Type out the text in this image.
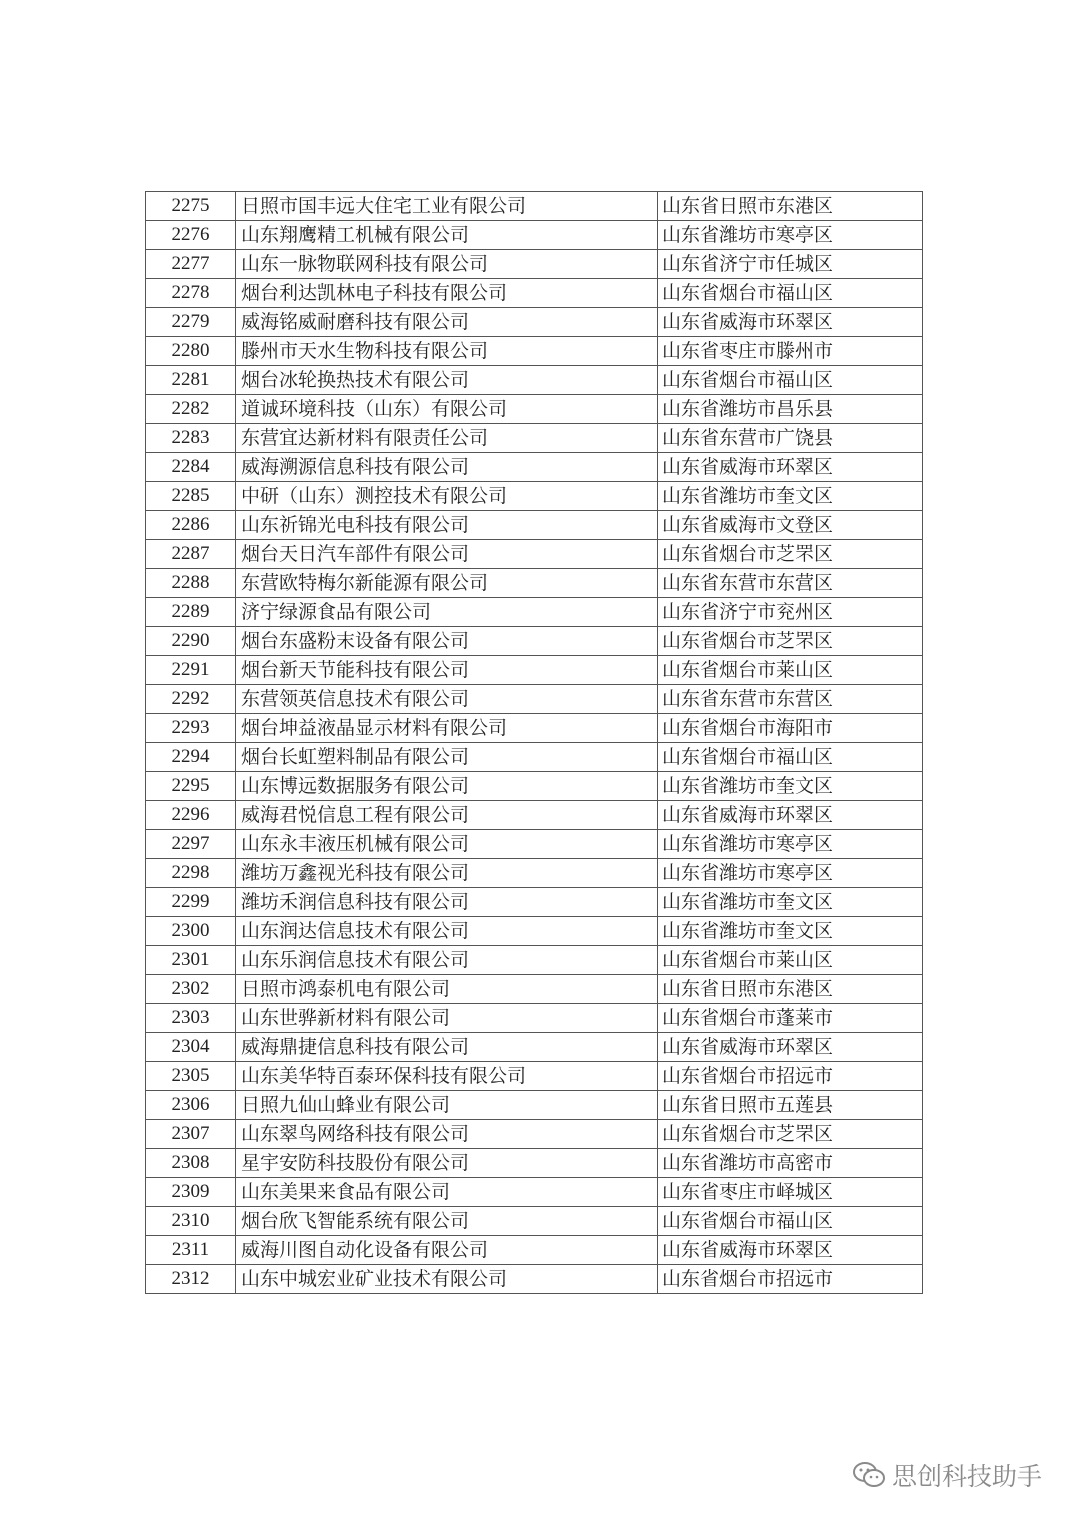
2275	日照市国丰远大住宅工业有限公司	山东省日照市东港区
2276	山东翔鹰精工机械有限公司	山东省潍坊市寒亭区
2277	山东一脉物联网科技有限公司	山东省济宁市任城区
2278	烟台利达凯林电子科技有限公司	山东省烟台市福山区
2279	威海铭威耐磨科技有限公司	山东省威海市环翠区
2280	滕州市天水生物科技有限公司	山东省枣庄市滕州市
2281	烟台冰轮换热技术有限公司	山东省烟台市福山区
2282	道诚环境科技（山东）有限公司	山东省潍坊市昌乐县
2283	东营宜达新材料有限责任公司	山东省东营市广饶县
2284	威海溯源信息科技有限公司	山东省威海市环翠区
2285	中研（山东）测控技术有限公司	山东省潍坊市奎文区
2286	山东祈锦光电科技有限公司	山东省威海市文登区
2287	烟台天日汽车部件有限公司	山东省烟台市芝罘区
2288	东营欧特梅尔新能源有限公司	山东省东营市东营区
2289	济宁绿源食品有限公司	山东省济宁市兖州区
2290	烟台东盛粉末设备有限公司	山东省烟台市芝罘区
2291	烟台新天节能科技有限公司	山东省烟台市莱山区
2292	东营领英信息技术有限公司	山东省东营市东营区
2293	烟台坤益液晶显示材料有限公司	山东省烟台市海阳市
2294	烟台长虹塑料制品有限公司	山东省烟台市福山区
2295	山东博远数据服务有限公司	山东省潍坊市奎文区
2296	威海君悦信息工程有限公司	山东省威海市环翠区
2297	山东永丰液压机械有限公司	山东省潍坊市寒亭区
2298	潍坊万鑫视光科技有限公司	山东省潍坊市寒亭区
2299	潍坊禾润信息科技有限公司	山东省潍坊市奎文区
2300	山东润达信息技术有限公司	山东省潍坊市奎文区
2301	山东乐润信息技术有限公司	山东省烟台市莱山区
2302	日照市鸿泰机电有限公司	山东省日照市东港区
2303	山东世骅新材料有限公司	山东省烟台市蓬莱市
2304	威海鼎捷信息科技有限公司	山东省威海市环翠区
2305	山东美华特百泰环保科技有限公司	山东省烟台市招远市
2306	日照九仙山蜂业有限公司	山东省日照市五莲县
2307	山东翠鸟网络科技有限公司	山东省烟台市芝罘区
2308	星宇安防科技股份有限公司	山东省潍坊市高密市
2309	山东美果来食品有限公司	山东省枣庄市峄城区
2310	烟台欣飞智能系统有限公司	山东省烟台市福山区
2311	威海川图自动化设备有限公司	山东省威海市环翠区
2312	山东中城宏业矿业技术有限公司	山东省烟台市招远市
思创科技助手
